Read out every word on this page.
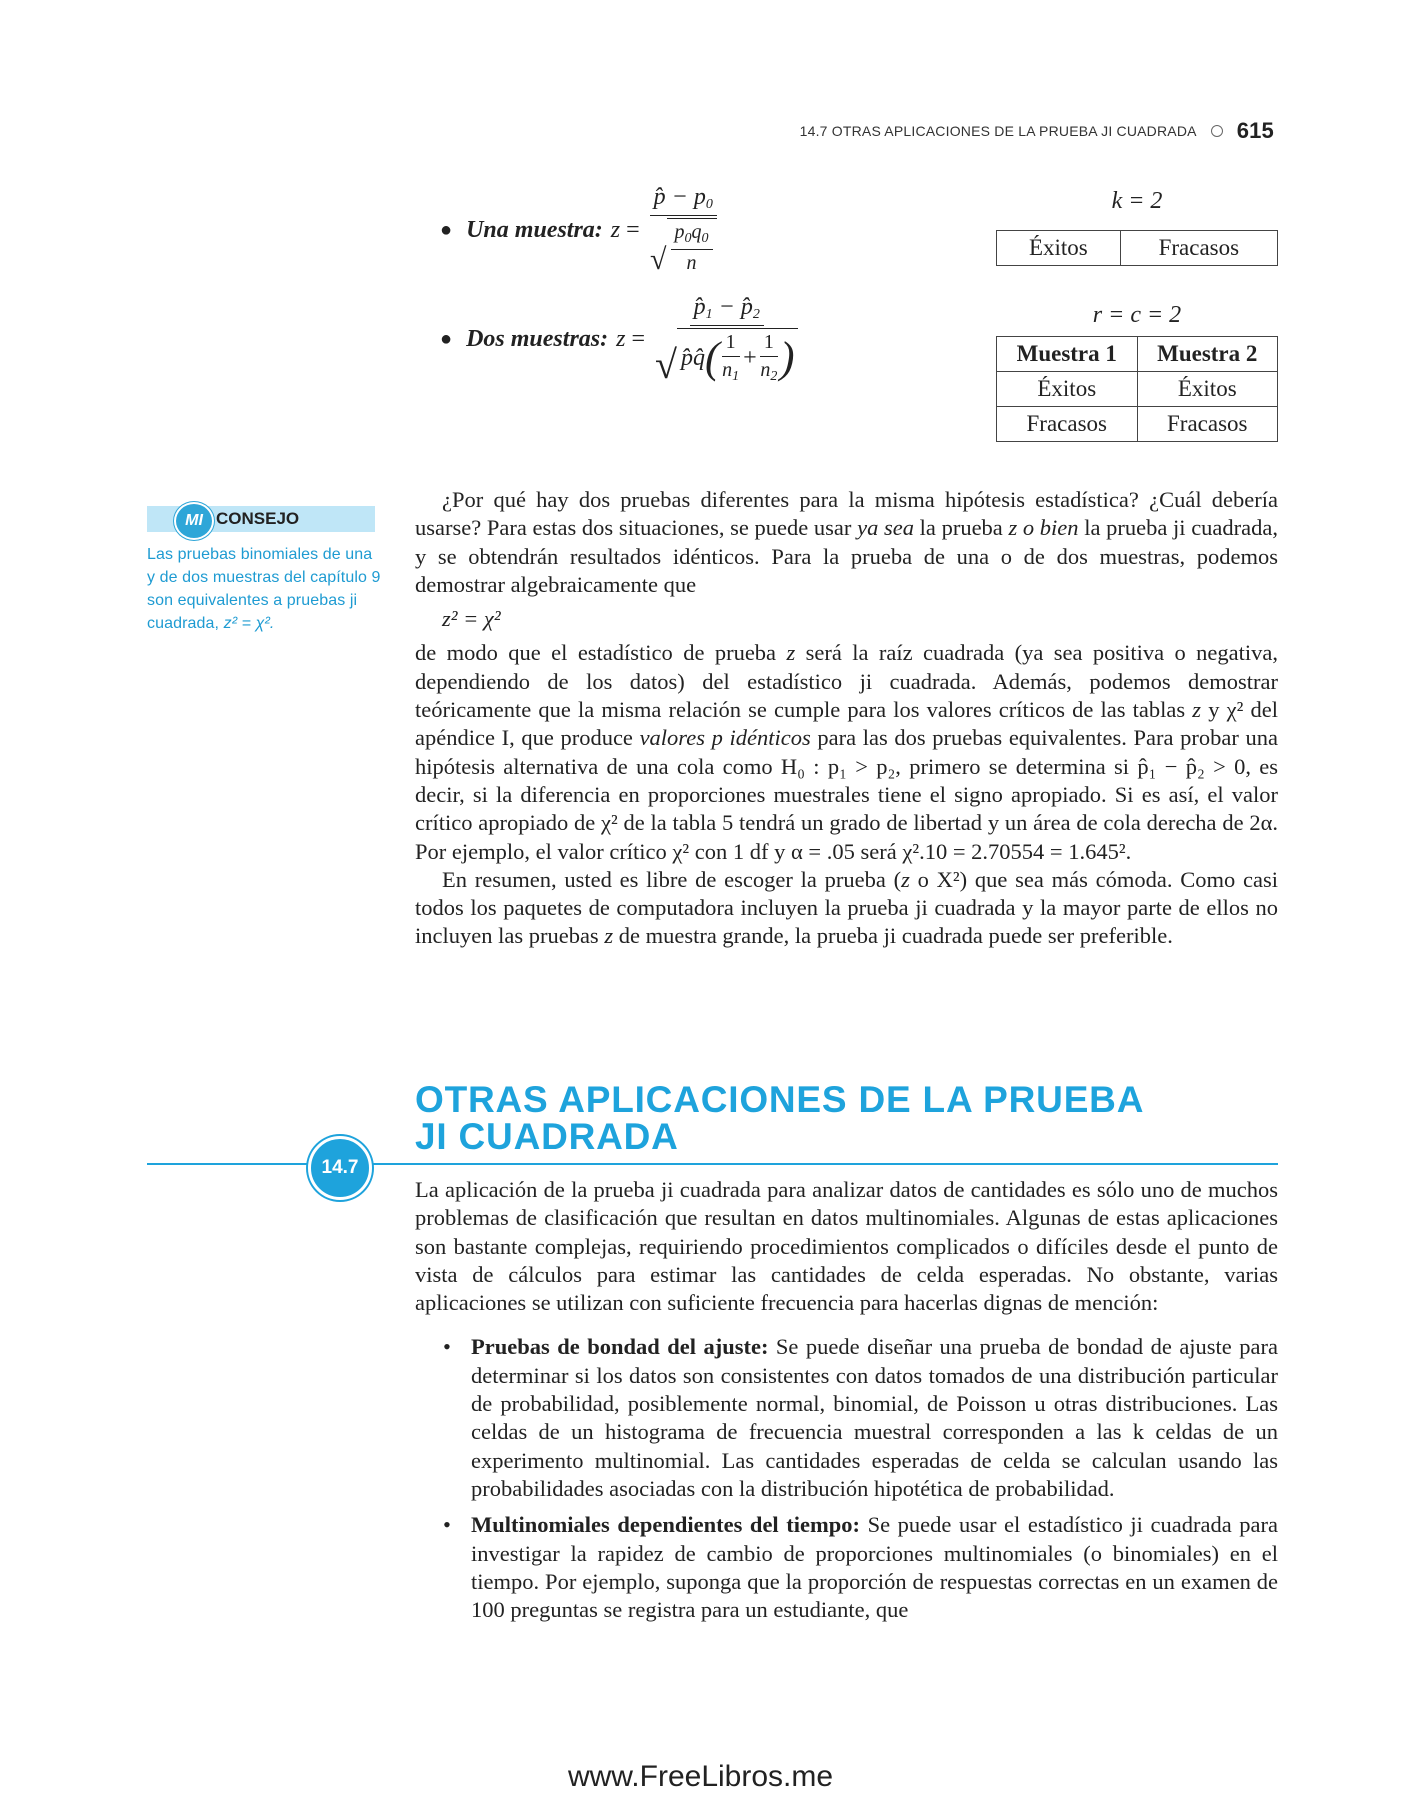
14.7 OTRAS APLICACIONES DE LA PRUEBA JI CUADRADA 615
● Una muestra: $z = \frac{p̂ - p_0}{√ \frac{p_0q_0}{n}}$
● Dos muestras: $z = \frac{p̂_1 - p̂_2}{√ p̂q̂ ( \frac{1}{n_1} + \frac{1}{n_2} )}$
k = 2
Éxitos	Fracasos
r = c = 2
Muestra 1	Muestra 2
Éxitos	Éxitos
Fracasos	Fracasos
MI CONSEJO
Las pruebas binomiales de una y de dos muestras del capítulo 9 son equivalentes a pruebas ji cuadrada, z² = χ².

¿Por qué hay dos pruebas diferentes para la misma hipótesis estadística? ¿Cuál debería usarse? Para estas dos situaciones, se puede usar ya sea la prueba z o bien la prueba ji cuadrada, y se obtendrán resultados idénticos. Para la prueba de una o de dos muestras, podemos demostrar algebraicamente que

z² = χ²

de modo que el estadístico de prueba z será la raíz cuadrada (ya sea positiva o negativa, dependiendo de los datos) del estadístico ji cuadrada. Además, podemos demostrar teóricamente que la misma relación se cumple para los valores críticos de las tablas z y χ² del apéndice I, que produce valores p idénticos para las dos pruebas equivalentes. Para probar una hipótesis alternativa de una cola como H₀ : p₁ > p₂, primero se determina si p̂₁ − p̂₂ > 0, es decir, si la diferencia en proporciones muestrales tiene el signo apropiado. Si es así, el valor crítico apropiado de χ² de la tabla 5 tendrá un grado de libertad y un área de cola derecha de 2α. Por ejemplo, el valor crítico χ² con 1 df y α = .05 será χ².10 = 2.70554 = 1.645².

En resumen, usted es libre de escoger la prueba (z o X²) que sea más cómoda. Como casi todos los paquetes de computadora incluyen la prueba ji cuadrada y la mayor parte de ellos no incluyen las pruebas z de muestra grande, la prueba ji cuadrada puede ser preferible.

OTRAS APLICACIONES DE LA PRUEBA
JI CUADRADA
14.7

La aplicación de la prueba ji cuadrada para analizar datos de cantidades es sólo uno de muchos problemas de clasificación que resultan en datos multinomiales. Algunas de estas aplicaciones son bastante complejas, requiriendo procedimientos complicados o difíciles desde el punto de vista de cálculos para estimar las cantidades de celda esperadas. No obstante, varias aplicaciones se utilizan con suficiente frecuencia para hacerlas dignas de mención:

• Pruebas de bondad del ajuste: Se puede diseñar una prueba de bondad de ajuste para determinar si los datos son consistentes con datos tomados de una distribución particular de probabilidad, posiblemente normal, binomial, de Poisson u otras distribuciones. Las celdas de un histograma de frecuencia muestral corresponden a las k celdas de un experimento multinomial. Las cantidades esperadas de celda se calculan usando las probabilidades asociadas con la distribución hipotética de probabilidad.
• Multinomiales dependientes del tiempo: Se puede usar el estadístico ji cuadrada para investigar la rapidez de cambio de proporciones multinomiales (o binomiales) en el tiempo. Por ejemplo, suponga que la proporción de respuestas correctas en un examen de 100 preguntas se registra para un estudiante, que
www.FreeLibros.me
